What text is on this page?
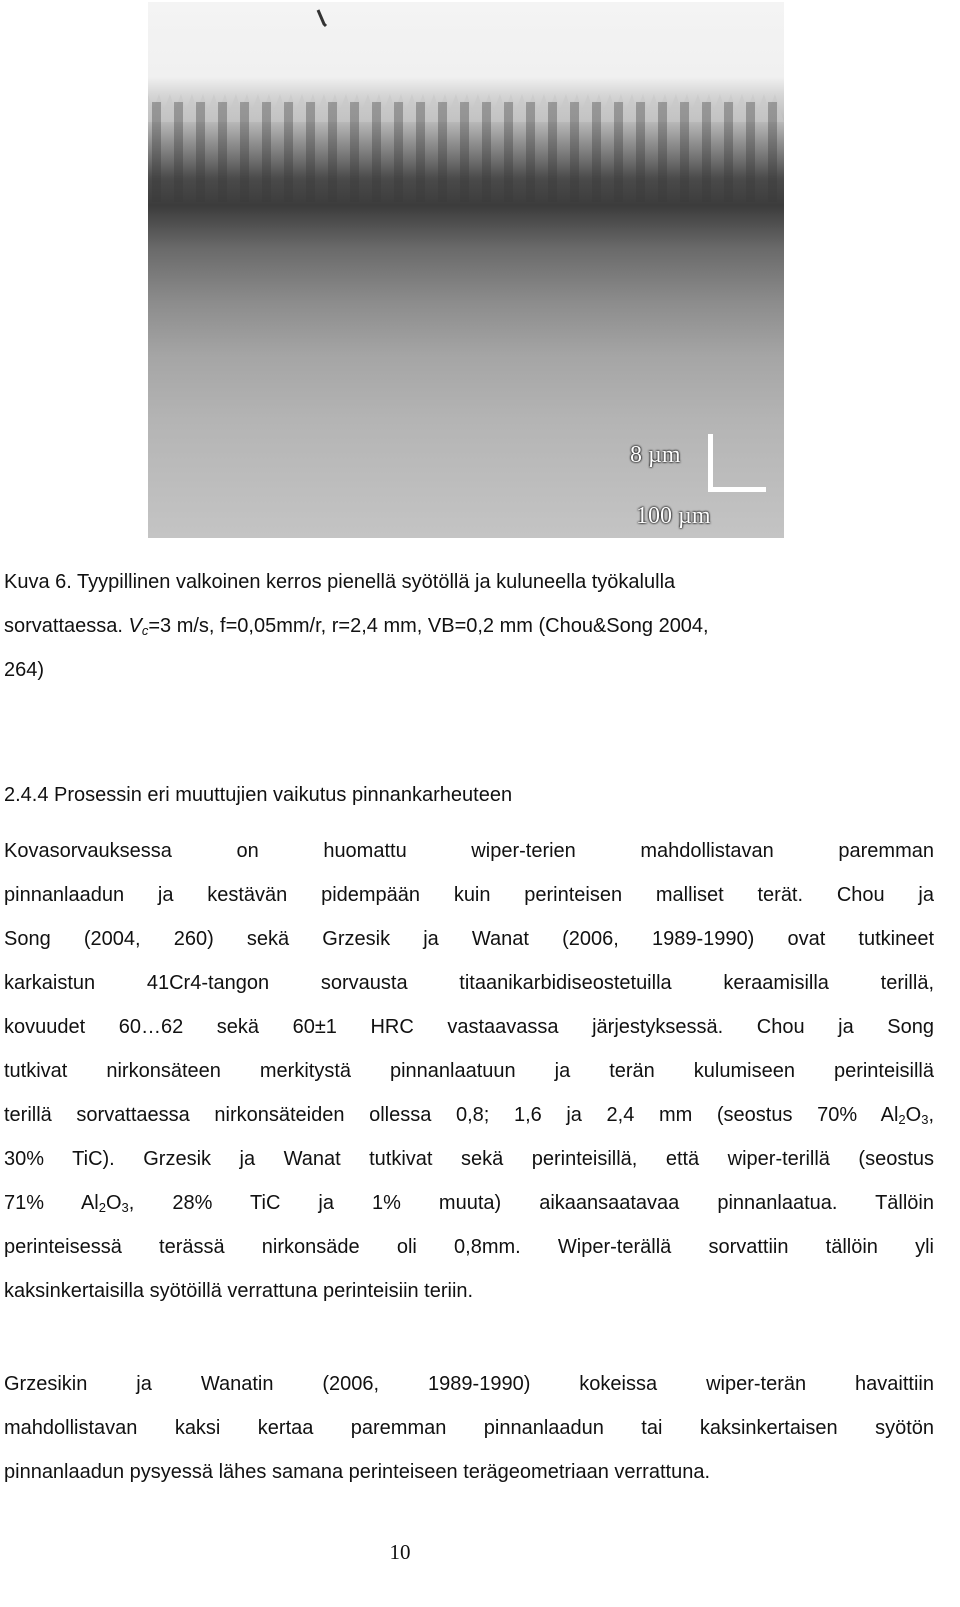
8 µm
100 µm
Kuva 6. Tyypillinen valkoinen kerros pienellä syötöllä ja kuluneella työkalulla
sorvattaessa. $V_c=3$ m/s, f=0,05mm/r, r=2,4 mm, VB=0,2 mm (Chou&Song 2004,
264)
2.4.4 Prosessin eri muuttujien vaikutus pinnankarheuteen
Kovasorvauksessa on huomattu wiper-terien mahdollistavan paremman
pinnanlaadun ja kestävän pidempään kuin perinteisen malliset terät. Chou ja
Song (2004, 260) sekä Grzesik ja Wanat (2006, 1989-1990) ovat tutkineet
karkaistun 41Cr4-tangon sorvausta titaanikarbidiseostetuilla keraamisilla terillä,
kovuudet 60…62 sekä 60±1 HRC vastaavassa järjestyksessä. Chou ja Song
tutkivat nirkonsäteen merkitystä pinnanlaatuun ja terän kulumiseen perinteisillä
terillä sorvattaessa nirkonsäteiden ollessa 0,8; 1,6 ja 2,4 mm (seostus 70% $Al_2O_3$,
30% TiC). Grzesik ja Wanat tutkivat sekä perinteisillä, että wiper-terillä (seostus
71% $Al_2O_3$, 28% TiC ja 1% muuta) aikaansaatavaa pinnanlaatua. Tällöin
perinteisessä terässä nirkonsäde oli 0,8mm. Wiper-terällä sorvattiin tällöin yli
kaksinkertaisilla syötöillä verrattuna perinteisiin teriin.
Grzesikin ja Wanatin (2006, 1989-1990) kokeissa wiper-terän havaittiin
mahdollistavan kaksi kertaa paremman pinnanlaadun tai kaksinkertaisen syötön
pinnanlaadun pysyessä lähes samana perinteiseen terägeometriaan verrattuna.
10
